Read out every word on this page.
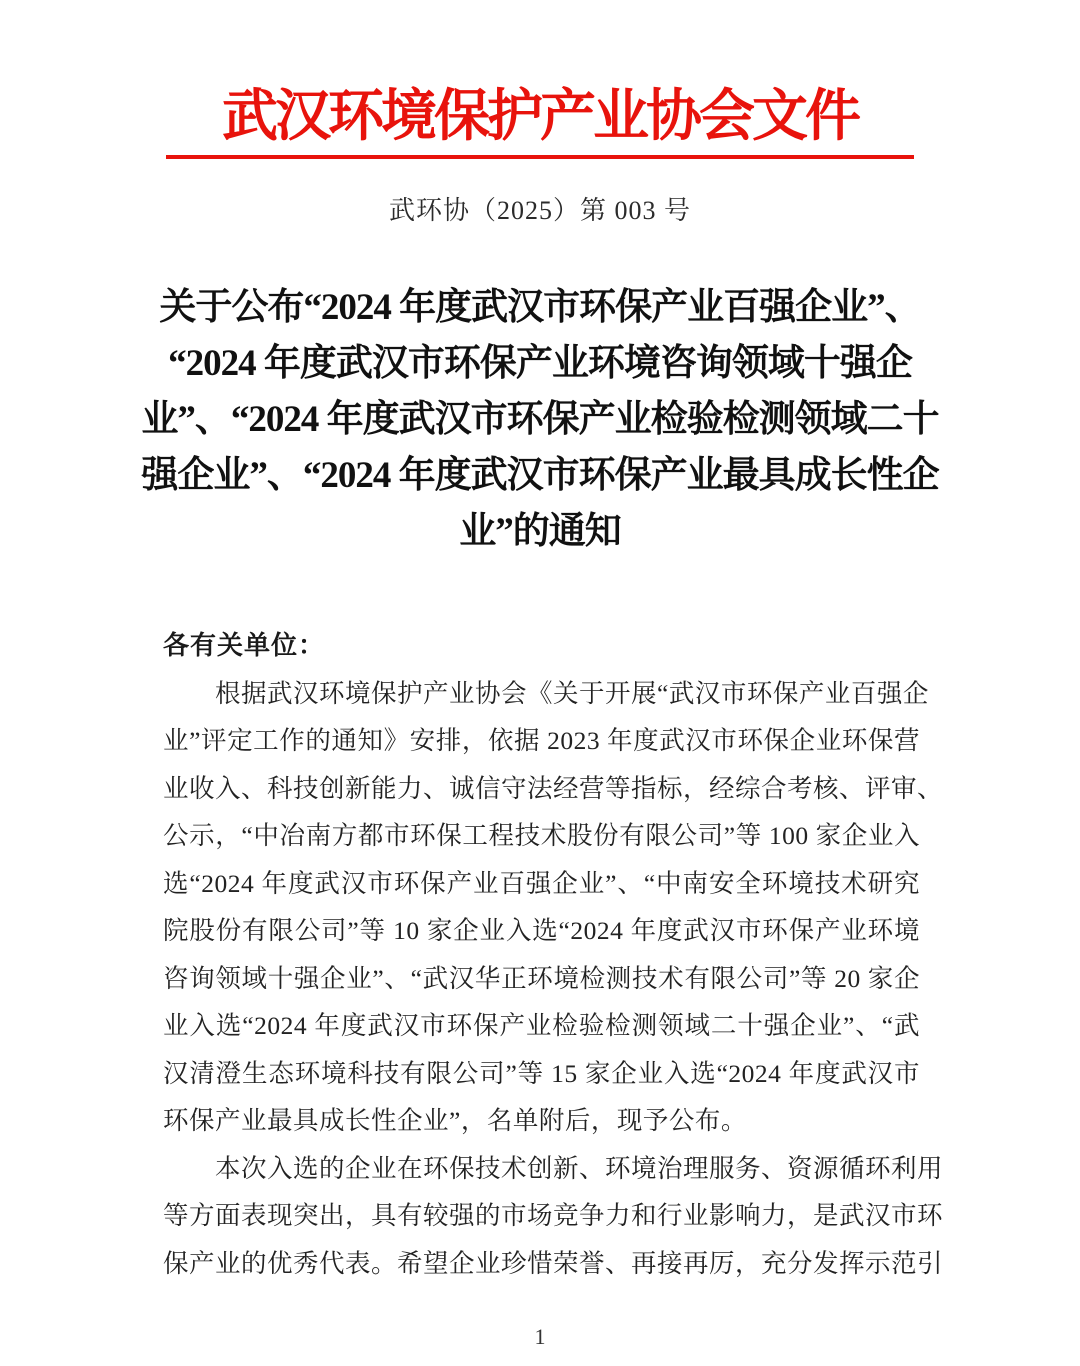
武汉环境保护产业协会文件
武环协（2025）第 003 号
关于公布“2024 年度武汉市环保产业百强企业”、
“2024 年度武汉市环保产业环境咨询领域十强企
业”、“2024 年度武汉市环保产业检验检测领域二十
强企业”、“2024 年度武汉市环保产业最具成长性企
业”的通知
各有关单位：
根据武汉环境保护产业协会《关于开展“武汉市环保产业百强企
业”评定工作的通知》安排，依据 2023 年度武汉市环保企业环保营
业收入、科技创新能力、诚信守法经营等指标，经综合考核、评审、
公示，“中冶南方都市环保工程技术股份有限公司”等 100 家企业入
选“2024 年度武汉市环保产业百强企业”、“中南安全环境技术研究
院股份有限公司”等 10 家企业入选“2024 年度武汉市环保产业环境
咨询领域十强企业”、“武汉华正环境检测技术有限公司”等 20 家企
业入选“2024 年度武汉市环保产业检验检测领域二十强企业”、“武
汉清澄生态环境科技有限公司”等 15 家企业入选“2024 年度武汉市
环保产业最具成长性企业”，名单附后，现予公布。
本次入选的企业在环保技术创新、环境治理服务、资源循环利用
等方面表现突出，具有较强的市场竞争力和行业影响力，是武汉市环
保产业的优秀代表。希望企业珍惜荣誉、再接再厉，充分发挥示范引
1
